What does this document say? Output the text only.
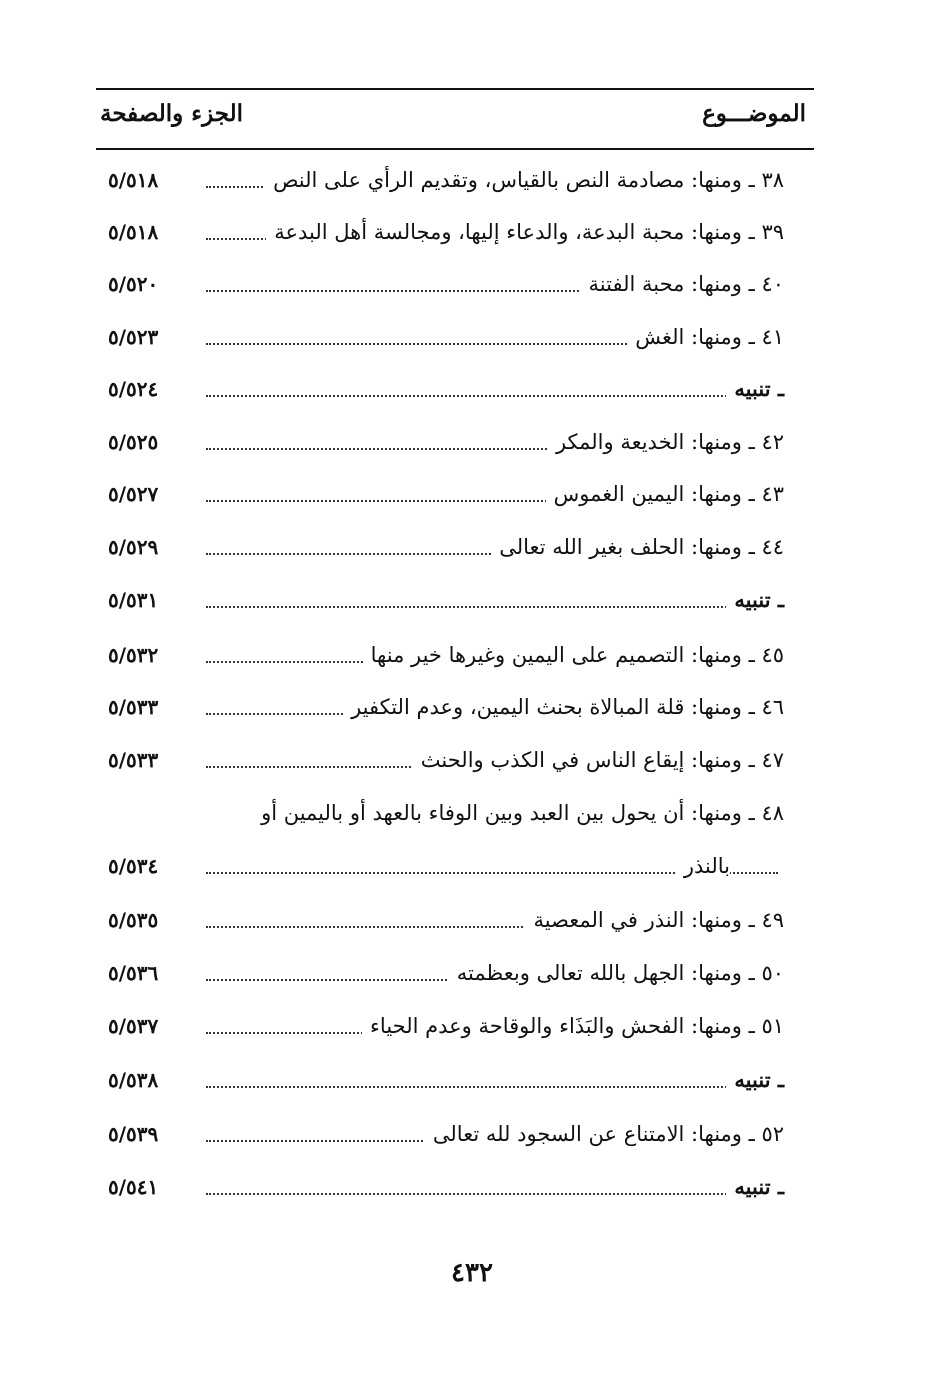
الموضـــوع
الجزء والصفحة
٣٨ ـ ومنها: مصادمة النص بالقياس، وتقديم الرأي على النص
٥/٥١٨
٣٩ ـ ومنها: محبة البدعة، والدعاء إليها، ومجالسة أهل البدعة
٥/٥١٨
٤٠ ـ ومنها: محبة الفتنة
٥/٥٢٠
٤١ ـ ومنها: الغش
٥/٥٢٣
ـ تنبيه
٥/٥٢٤
٤٢ ـ ومنها: الخديعة والمكر
٥/٥٢٥
٤٣ ـ ومنها: اليمين الغموس
٥/٥٢٧
٤٤ ـ ومنها: الحلف بغير الله تعالى
٥/٥٢٩
ـ تنبيه
٥/٥٣١
٤٥ ـ ومنها: التصميم على اليمين وغيرها خير منها
٥/٥٣٢
٤٦ ـ ومنها: قلة المبالاة بحنث اليمين، وعدم التكفير
٥/٥٣٣
٤٧ ـ ومنها: إيقاع الناس في الكذب والحنث
٥/٥٣٣
٤٨ ـ ومنها: أن يحول بين العبد وبين الوفاء بالعهد أو باليمين أو
بالنذر
٥/٥٣٤
٤٩ ـ ومنها: النذر في المعصية
٥/٥٣٥
٥٠ ـ ومنها: الجهل بالله تعالى وبعظمته
٥/٥٣٦
٥١ ـ ومنها: الفحش والبَذَاء والوقاحة وعدم الحياء
٥/٥٣٧
ـ تنبيه
٥/٥٣٨
٥٢ ـ ومنها: الامتناع عن السجود لله تعالى
٥/٥٣٩
ـ تنبيه
٥/٥٤١
٤٣٢
